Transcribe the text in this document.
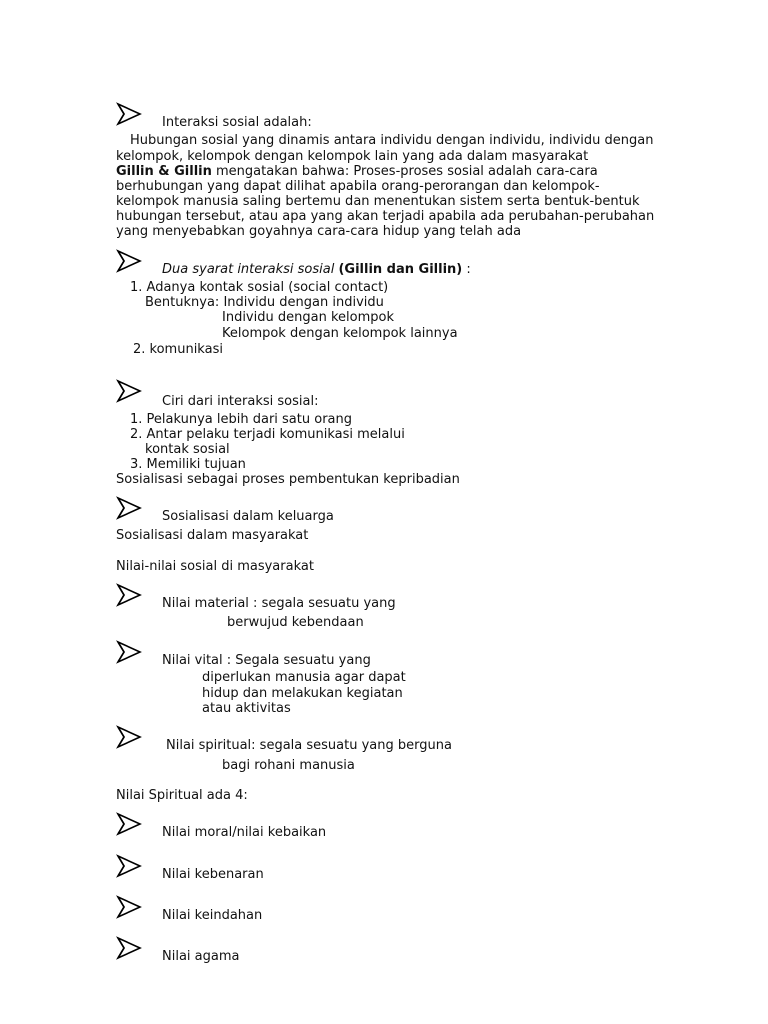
Interaksi sosial adalah:
Hubungan sosial yang dinamis antara individu dengan individu, individu dengan
kelompok, kelompok dengan kelompok lain yang ada dalam masyarakat
Gillin & Gillin mengatakan bahwa: Proses-proses sosial adalah cara-cara
berhubungan yang dapat dilihat apabila orang-perorangan dan kelompok-
kelompok manusia saling bertemu dan menentukan sistem serta bentuk-bentuk
hubungan tersebut, atau apa yang akan terjadi apabila ada perubahan-perubahan
yang menyebabkan goyahnya cara-cara hidup yang telah ada
Dua syarat interaksi sosial (Gillin dan Gillin) :
1. Adanya kontak sosial (social contact)
Bentuknya: Individu dengan individu
Individu dengan kelompok
Kelompok dengan kelompok lainnya
2. komunikasi
Ciri dari interaksi sosial:
1. Pelakunya lebih dari satu orang
2. Antar pelaku terjadi komunikasi melalui
kontak sosial
3. Memiliki tujuan
Sosialisasi sebagai proses pembentukan kepribadian
Sosialisasi dalam keluarga
Sosialisasi dalam masyarakat
Nilai-nilai sosial di masyarakat
Nilai material : segala sesuatu yang
berwujud kebendaan
Nilai vital : Segala sesuatu yang
diperlukan manusia agar dapat
hidup dan melakukan kegiatan
atau aktivitas
Nilai spiritual: segala sesuatu yang berguna
bagi rohani manusia
Nilai Spiritual ada 4:
Nilai moral/nilai kebaikan
Nilai kebenaran
Nilai keindahan
Nilai agama
